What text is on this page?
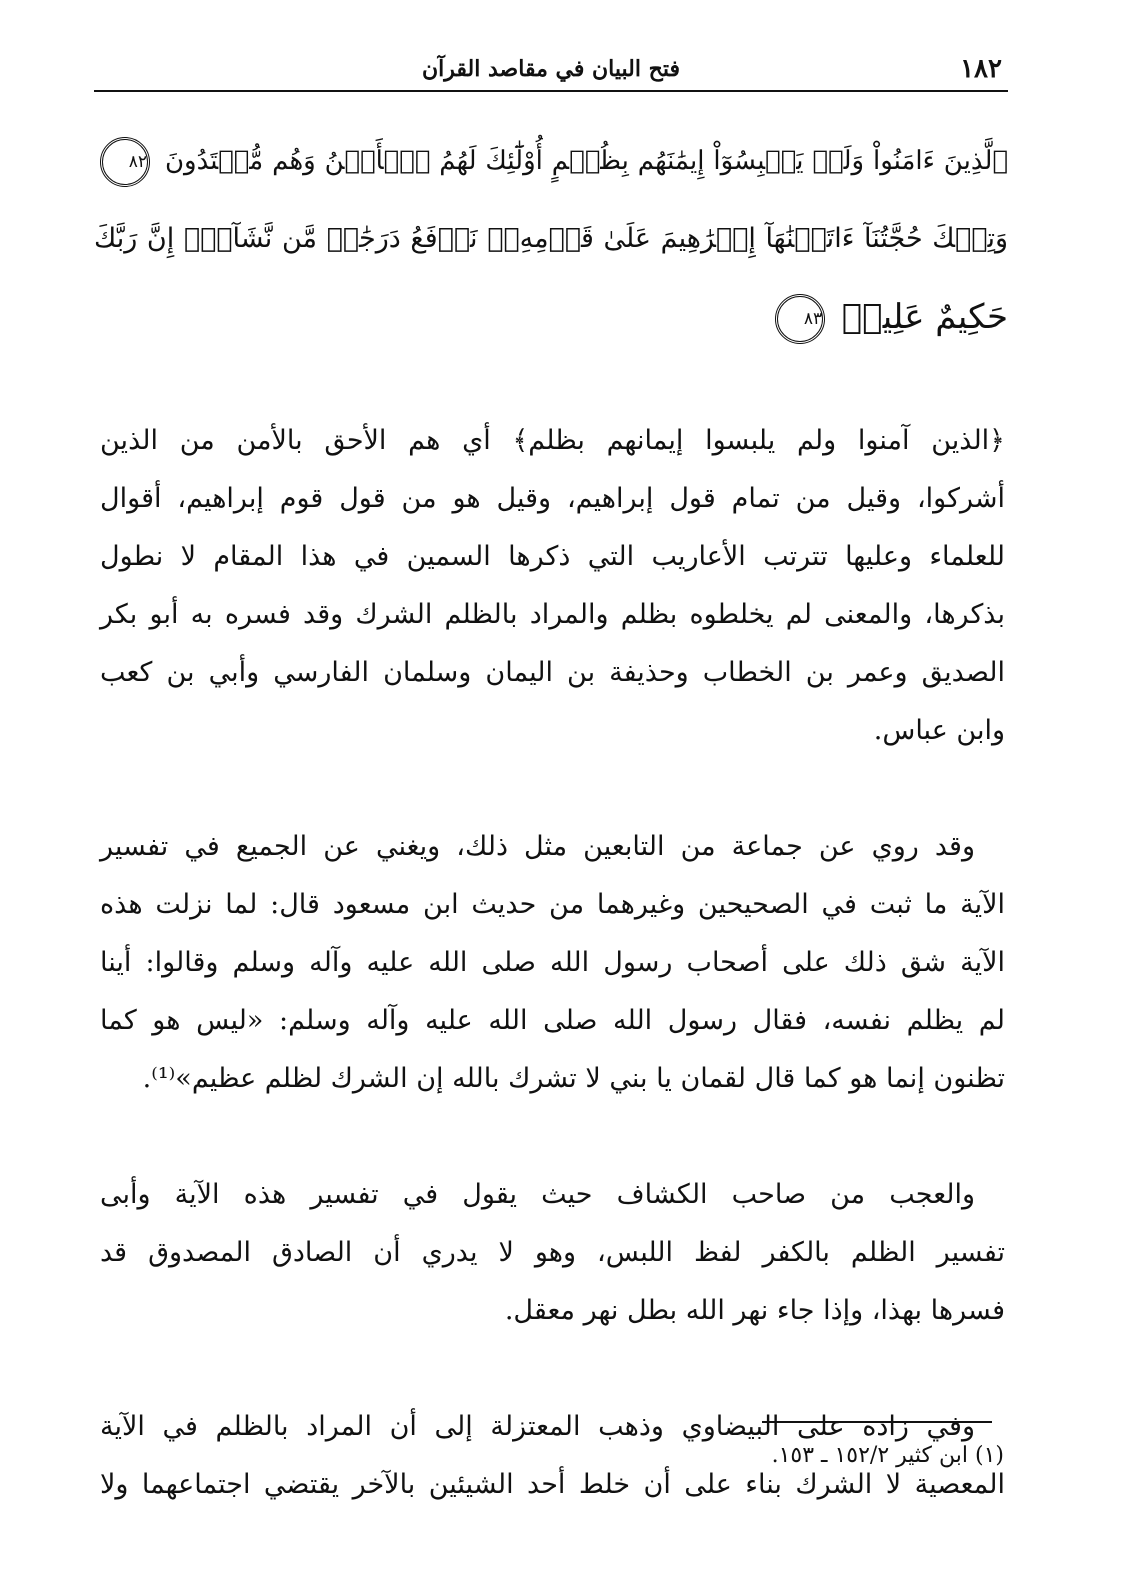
١٨٢
فتح البيان في مقاصد القرآن
ٱلَّذِينَ ءَامَنُواْ وَلَمۡ يَلۡبِسُوٓاْ إِيمَٰنَهُم بِظُلۡمٍ أُوْلَٰٓئِكَ لَهُمُ ٱلۡأَمۡنُ وَهُم مُّهۡتَدُونَ ٨٢
وَتِلۡكَ حُجَّتُنَآ ءَاتَيۡنَٰهَآ إِبۡرَٰهِيمَ عَلَىٰ قَوۡمِهِۦۚ نَرۡفَعُ دَرَجَٰتٖ مَّن نَّشَآءُۗ إِنَّ رَبَّكَ
حَكِيمٌ عَلِيمٞ ٨٣
﴿الذين آمنوا ولم يلبسوا إيمانهم بظلم﴾ أي هم الأحق بالأمن من الذين
أشركوا، وقيل من تمام قول إبراهيم، وقيل هو من قول قوم إبراهيم، أقوال
للعلماء وعليها تترتب الأعاريب التي ذكرها السمين في هذا المقام لا نطول
بذكرها، والمعنى لم يخلطوه بظلم والمراد بالظلم الشرك وقد فسره به أبو بكر
الصديق وعمر بن الخطاب وحذيفة بن اليمان وسلمان الفارسي وأبي بن كعب
وابن عباس.
وقد روي عن جماعة من التابعين مثل ذلك، ويغني عن الجميع في تفسير
الآية ما ثبت في الصحيحين وغيرهما من حديث ابن مسعود قال: لما نزلت هذه
الآية شق ذلك على أصحاب رسول الله صلى الله عليه وآله وسلم وقالوا: أينا
لم يظلم نفسه، فقال رسول الله صلى الله عليه وآله وسلم: «ليس هو كما
تظنون إنما هو كما قال لقمان يا بني لا تشرك بالله إن الشرك لظلم عظيم»⁽¹⁾.
والعجب من صاحب الكشاف حيث يقول في تفسير هذه الآية وأبى
تفسير الظلم بالكفر لفظ اللبس، وهو لا يدري أن الصادق المصدوق قد
فسرها بهذا، وإذا جاء نهر الله بطل نهر معقل.
وفي زاده على البيضاوي وذهب المعتزلة إلى أن المراد بالظلم في الآية
المعصية لا الشرك بناء على أن خلط أحد الشيئين بالآخر يقتضي اجتماعهما ولا
(١) ابن كثير ١٥٢/٢ ـ ١٥٣.
